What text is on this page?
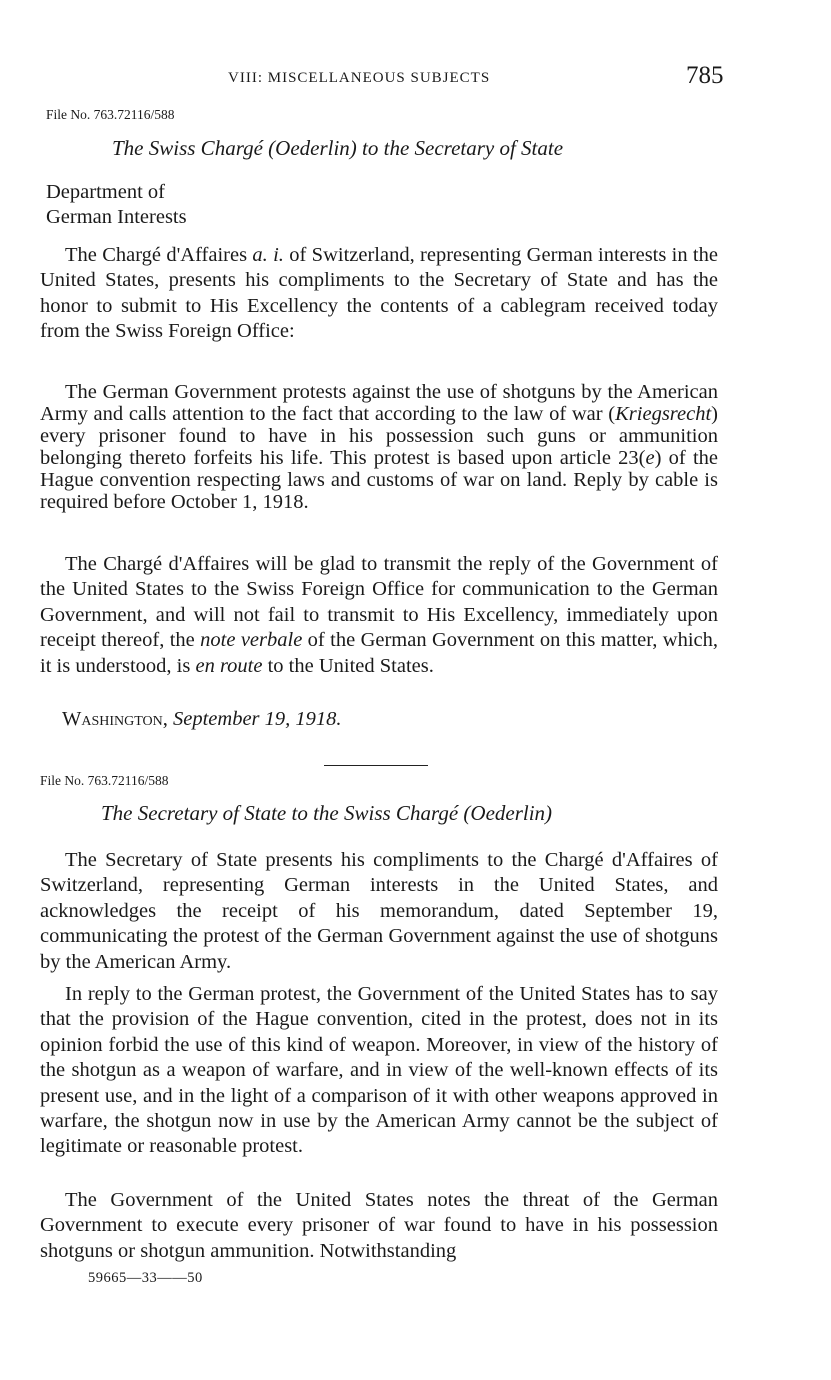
VIII: MISCELLANEOUS SUBJECTS	785
File No. 763.72116/588
The Swiss Chargé (Oederlin) to the Secretary of State
Department of
German Interests

The Chargé d'Affaires a. i. of Switzerland, representing German interests in the United States, presents his compliments to the Secretary of State and has the honor to submit to His Excellency the contents of a cablegram received today from the Swiss Foreign Office:

The German Government protests against the use of shotguns by the American Army and calls attention to the fact that according to the law of war (Kriegsrecht) every prisoner found to have in his possession such guns or ammunition belonging thereto forfeits his life. This protest is based upon article 23(e) of the Hague convention respecting laws and customs of war on land. Reply by cable is required before October 1, 1918.

The Chargé d'Affaires will be glad to transmit the reply of the Government of the United States to the Swiss Foreign Office for communication to the German Government, and will not fail to transmit to His Excellency, immediately upon receipt thereof, the note verbale of the German Government on this matter, which, it is understood, is en route to the United States.

Washington, September 19, 1918.
File No. 763.72116/588
The Secretary of State to the Swiss Chargé (Oederlin)

The Secretary of State presents his compliments to the Chargé d'Affaires of Switzerland, representing German interests in the United States, and acknowledges the receipt of his memorandum, dated September 19, communicating the protest of the German Government against the use of shotguns by the American Army.

In reply to the German protest, the Government of the United States has to say that the provision of the Hague convention, cited in the protest, does not in its opinion forbid the use of this kind of weapon. Moreover, in view of the history of the shotgun as a weapon of warfare, and in view of the well-known effects of its present use, and in the light of a comparison of it with other weapons approved in warfare, the shotgun now in use by the American Army cannot be the subject of legitimate or reasonable protest.

The Government of the United States notes the threat of the German Government to execute every prisoner of war found to have in his possession shotguns or shotgun ammunition. Notwithstanding

59665—33——50
